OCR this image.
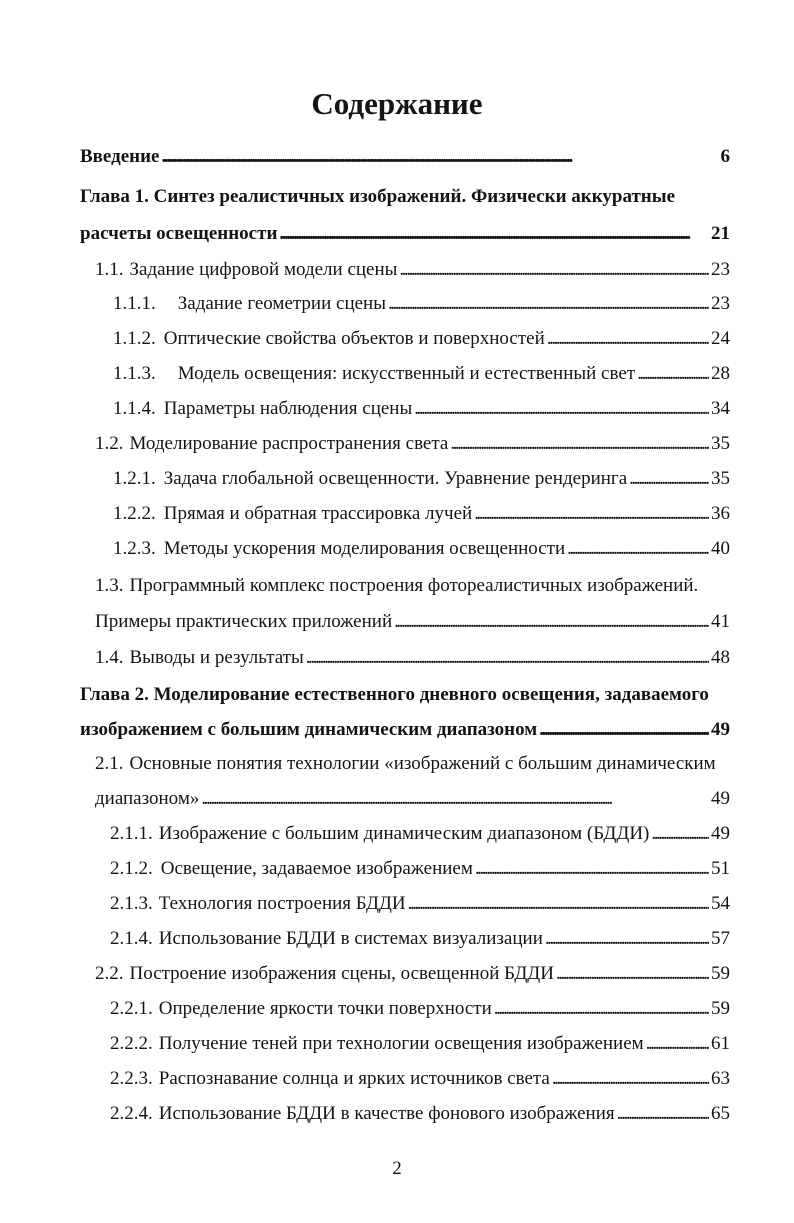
Содержание
Введение . . .	6
Глава 1. Синтез реалистичных изображений. Физически аккуратные
расчеты освещенности . . .	21
1.1. Задание цифровой модели сцены . . .	23
1.1.1. Задание геометрии сцены . . .	23
1.1.2. Оптические свойства объектов и поверхностей . . .	24
1.1.3. Модель освещения: искусственный и естественный свет . . .	28
1.1.4. Параметры наблюдения сцены . . .	34
1.2. Моделирование распространения света . . .	35
1.2.1. Задача глобальной освещенности. Уравнение рендеринга . . .	35
1.2.2. Прямая и обратная трассировка лучей . . .	36
1.2.3. Методы ускорения моделирования освещенности . . .	40
1.3. Программный комплекс построения фотореалистичных изображений.
Примеры практических приложений . . .	41
1.4. Выводы и результаты . . .	48
Глава 2. Моделирование естественного дневного освещения, задаваемого
изображением с большим динамическим диапазоном . . .	49
2.1. Основные понятия технологии «изображений с большим динамическим
диапазоном» . . .	49
2.1.1. Изображение с большим динамическим диапазоном (БДДИ) . . .	49
2.1.2. Освещение, задаваемое изображением . . .	51
2.1.3. Технология построения БДДИ . . .	54
2.1.4. Использование БДДИ в системах визуализации . . .	57
2.2. Построение изображения сцены, освещенной БДДИ . . .	59
2.2.1. Определение яркости точки поверхности . . .	59
2.2.2. Получение теней при технологии освещения изображением . . .	61
2.2.3. Распознавание солнца и ярких источников света . . .	63
2.2.4. Использование БДДИ в качестве фонового изображения . . .	65
2
